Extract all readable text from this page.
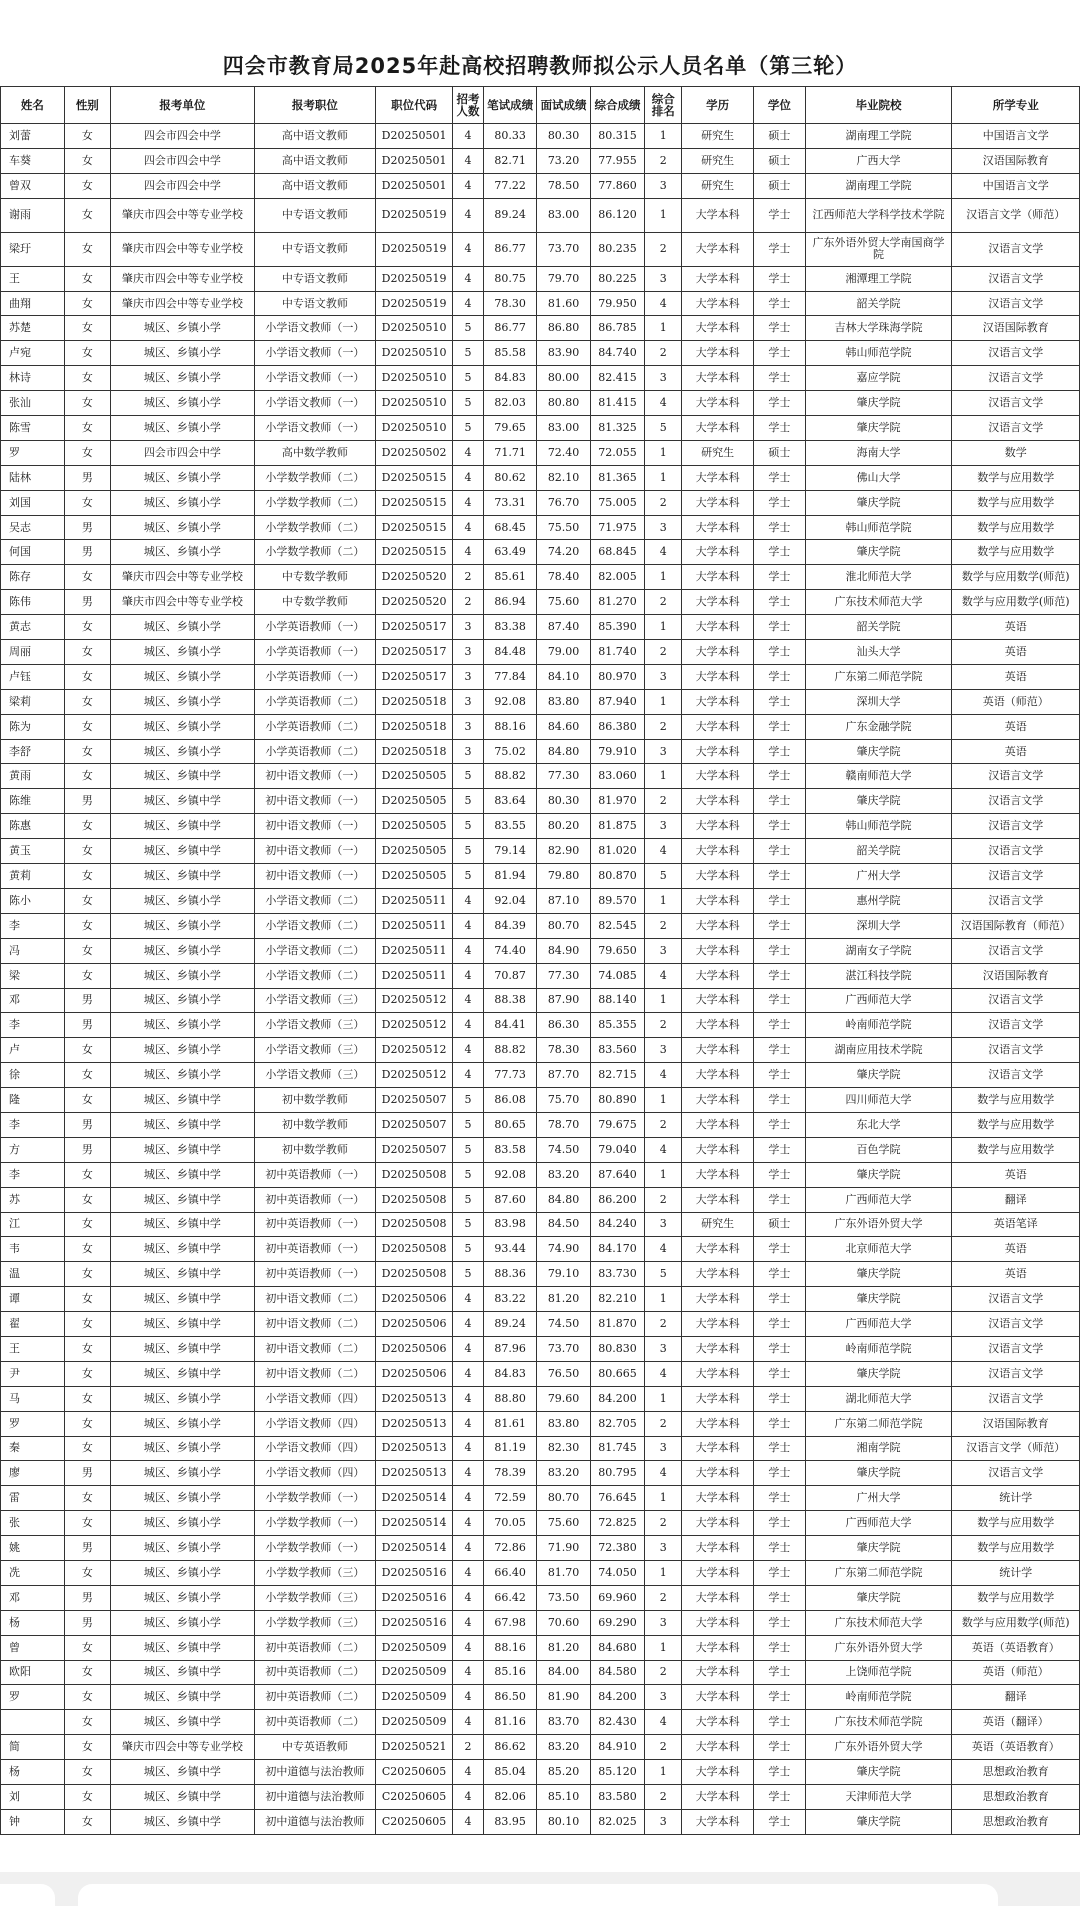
四会市教育局2025年赴高校招聘教师拟公示人员名单（第三轮）
姓名	性别	报考单位	报考职位	职位代码	招考人数	笔试成绩	面试成绩	综合成绩	综合排名	学历	学位	毕业院校	所学专业
刘蕾	女	四会市四会中学	高中语文教师	D20250501	4	80.33	80.30	80.315	1	研究生	硕士	湖南理工学院	中国语言文学
车葵	女	四会市四会中学	高中语文教师	D20250501	4	82.71	73.20	77.955	2	研究生	硕士	广西大学	汉语国际教育
曾双	女	四会市四会中学	高中语文教师	D20250501	4	77.22	78.50	77.860	3	研究生	硕士	湖南理工学院	中国语言文学
谢雨	女	肇庆市四会中等专业学校	中专语文教师	D20250519	4	89.24	83.00	86.120	1	大学本科	学士	江西师范大学科学技术学院	汉语言文学（师范）
梁玗	女	肇庆市四会中等专业学校	中专语文教师	D20250519	4	86.77	73.70	80.235	2	大学本科	学士	广东外语外贸大学南国商学院	汉语言文学
王	女	肇庆市四会中等专业学校	中专语文教师	D20250519	4	80.75	79.70	80.225	3	大学本科	学士	湘潭理工学院	汉语言文学
曲翔	女	肇庆市四会中等专业学校	中专语文教师	D20250519	4	78.30	81.60	79.950	4	大学本科	学士	韶关学院	汉语言文学
苏楚	女	城区、乡镇小学	小学语文教师（一）	D20250510	5	86.77	86.80	86.785	1	大学本科	学士	吉林大学珠海学院	汉语国际教育
卢宛	女	城区、乡镇小学	小学语文教师（一）	D20250510	5	85.58	83.90	84.740	2	大学本科	学士	韩山师范学院	汉语言文学
林诗	女	城区、乡镇小学	小学语文教师（一）	D20250510	5	84.83	80.00	82.415	3	大学本科	学士	嘉应学院	汉语言文学
张汕	女	城区、乡镇小学	小学语文教师（一）	D20250510	5	82.03	80.80	81.415	4	大学本科	学士	肇庆学院	汉语言文学
陈雪	女	城区、乡镇小学	小学语文教师（一）	D20250510	5	79.65	83.00	81.325	5	大学本科	学士	肇庆学院	汉语言文学
罗	女	四会市四会中学	高中数学教师	D20250502	4	71.71	72.40	72.055	1	研究生	硕士	海南大学	数学
陆林	男	城区、乡镇小学	小学数学教师（二）	D20250515	4	80.62	82.10	81.365	1	大学本科	学士	佛山大学	数学与应用数学
刘国	女	城区、乡镇小学	小学数学教师（二）	D20250515	4	73.31	76.70	75.005	2	大学本科	学士	肇庆学院	数学与应用数学
吴志	男	城区、乡镇小学	小学数学教师（二）	D20250515	4	68.45	75.50	71.975	3	大学本科	学士	韩山师范学院	数学与应用数学
何国	男	城区、乡镇小学	小学数学教师（二）	D20250515	4	63.49	74.20	68.845	4	大学本科	学士	肇庆学院	数学与应用数学
陈存	女	肇庆市四会中等专业学校	中专数学教师	D20250520	2	85.61	78.40	82.005	1	大学本科	学士	淮北师范大学	数学与应用数学(师范)
陈伟	男	肇庆市四会中等专业学校	中专数学教师	D20250520	2	86.94	75.60	81.270	2	大学本科	学士	广东技术师范大学	数学与应用数学(师范)
黄志	女	城区、乡镇小学	小学英语教师（一）	D20250517	3	83.38	87.40	85.390	1	大学本科	学士	韶关学院	英语
周丽	女	城区、乡镇小学	小学英语教师（一）	D20250517	3	84.48	79.00	81.740	2	大学本科	学士	汕头大学	英语
卢钰	女	城区、乡镇小学	小学英语教师（一）	D20250517	3	77.84	84.10	80.970	3	大学本科	学士	广东第二师范学院	英语
梁莉	女	城区、乡镇小学	小学英语教师（二）	D20250518	3	92.08	83.80	87.940	1	大学本科	学士	深圳大学	英语（师范）
陈为	女	城区、乡镇小学	小学英语教师（二）	D20250518	3	88.16	84.60	86.380	2	大学本科	学士	广东金融学院	英语
李舒	女	城区、乡镇小学	小学英语教师（二）	D20250518	3	75.02	84.80	79.910	3	大学本科	学士	肇庆学院	英语
黄雨	女	城区、乡镇中学	初中语文教师（一）	D20250505	5	88.82	77.30	83.060	1	大学本科	学士	赣南师范大学	汉语言文学
陈维	男	城区、乡镇中学	初中语文教师（一）	D20250505	5	83.64	80.30	81.970	2	大学本科	学士	肇庆学院	汉语言文学
陈惠	女	城区、乡镇中学	初中语文教师（一）	D20250505	5	83.55	80.20	81.875	3	大学本科	学士	韩山师范学院	汉语言文学
黄玉	女	城区、乡镇中学	初中语文教师（一）	D20250505	5	79.14	82.90	81.020	4	大学本科	学士	韶关学院	汉语言文学
黄莉	女	城区、乡镇中学	初中语文教师（一）	D20250505	5	81.94	79.80	80.870	5	大学本科	学士	广州大学	汉语言文学
陈小	女	城区、乡镇小学	小学语文教师（二）	D20250511	4	92.04	87.10	89.570	1	大学本科	学士	惠州学院	汉语言文学
李	女	城区、乡镇小学	小学语文教师（二）	D20250511	4	84.39	80.70	82.545	2	大学本科	学士	深圳大学	汉语国际教育（师范）
冯	女	城区、乡镇小学	小学语文教师（二）	D20250511	4	74.40	84.90	79.650	3	大学本科	学士	湖南女子学院	汉语言文学
梁	女	城区、乡镇小学	小学语文教师（二）	D20250511	4	70.87	77.30	74.085	4	大学本科	学士	湛江科技学院	汉语国际教育
邓	男	城区、乡镇小学	小学语文教师（三）	D20250512	4	88.38	87.90	88.140	1	大学本科	学士	广西师范大学	汉语言文学
李	男	城区、乡镇小学	小学语文教师（三）	D20250512	4	84.41	86.30	85.355	2	大学本科	学士	岭南师范学院	汉语言文学
卢	女	城区、乡镇小学	小学语文教师（三）	D20250512	4	88.82	78.30	83.560	3	大学本科	学士	湖南应用技术学院	汉语言文学
徐	女	城区、乡镇小学	小学语文教师（三）	D20250512	4	77.73	87.70	82.715	4	大学本科	学士	肇庆学院	汉语言文学
隆	女	城区、乡镇中学	初中数学教师	D20250507	5	86.08	75.70	80.890	1	大学本科	学士	四川师范大学	数学与应用数学
李	男	城区、乡镇中学	初中数学教师	D20250507	5	80.65	78.70	79.675	2	大学本科	学士	东北大学	数学与应用数学
方	男	城区、乡镇中学	初中数学教师	D20250507	5	83.58	74.50	79.040	4	大学本科	学士	百色学院	数学与应用数学
李	女	城区、乡镇中学	初中英语教师（一）	D20250508	5	92.08	83.20	87.640	1	大学本科	学士	肇庆学院	英语
苏	女	城区、乡镇中学	初中英语教师（一）	D20250508	5	87.60	84.80	86.200	2	大学本科	学士	广西师范大学	翻译
江	女	城区、乡镇中学	初中英语教师（一）	D20250508	5	83.98	84.50	84.240	3	研究生	硕士	广东外语外贸大学	英语笔译
韦	女	城区、乡镇中学	初中英语教师（一）	D20250508	5	93.44	74.90	84.170	4	大学本科	学士	北京师范大学	英语
温	女	城区、乡镇中学	初中英语教师（一）	D20250508	5	88.36	79.10	83.730	5	大学本科	学士	肇庆学院	英语
谭	女	城区、乡镇中学	初中语文教师（二）	D20250506	4	83.22	81.20	82.210	1	大学本科	学士	肇庆学院	汉语言文学
翟	女	城区、乡镇中学	初中语文教师（二）	D20250506	4	89.24	74.50	81.870	2	大学本科	学士	广西师范大学	汉语言文学
王	女	城区、乡镇中学	初中语文教师（二）	D20250506	4	87.96	73.70	80.830	3	大学本科	学士	岭南师范学院	汉语言文学
尹	女	城区、乡镇中学	初中语文教师（二）	D20250506	4	84.83	76.50	80.665	4	大学本科	学士	肇庆学院	汉语言文学
马	女	城区、乡镇小学	小学语文教师（四）	D20250513	4	88.80	79.60	84.200	1	大学本科	学士	湖北师范大学	汉语言文学
罗	女	城区、乡镇小学	小学语文教师（四）	D20250513	4	81.61	83.80	82.705	2	大学本科	学士	广东第二师范学院	汉语国际教育
秦	女	城区、乡镇小学	小学语文教师（四）	D20250513	4	81.19	82.30	81.745	3	大学本科	学士	湘南学院	汉语言文学（师范）
廖	男	城区、乡镇小学	小学语文教师（四）	D20250513	4	78.39	83.20	80.795	4	大学本科	学士	肇庆学院	汉语言文学
雷	女	城区、乡镇小学	小学数学教师（一）	D20250514	4	72.59	80.70	76.645	1	大学本科	学士	广州大学	统计学
张	女	城区、乡镇小学	小学数学教师（一）	D20250514	4	70.05	75.60	72.825	2	大学本科	学士	广西师范大学	数学与应用数学
姚	男	城区、乡镇小学	小学数学教师（一）	D20250514	4	72.86	71.90	72.380	3	大学本科	学士	肇庆学院	数学与应用数学
冼	女	城区、乡镇小学	小学数学教师（三）	D20250516	4	66.40	81.70	74.050	1	大学本科	学士	广东第二师范学院	统计学
邓	男	城区、乡镇小学	小学数学教师（三）	D20250516	4	66.42	73.50	69.960	2	大学本科	学士	肇庆学院	数学与应用数学
杨	男	城区、乡镇小学	小学数学教师（三）	D20250516	4	67.98	70.60	69.290	3	大学本科	学士	广东技术师范大学	数学与应用数学(师范)
曾	女	城区、乡镇中学	初中英语教师（二）	D20250509	4	88.16	81.20	84.680	1	大学本科	学士	广东外语外贸大学	英语（英语教育）
欧阳	女	城区、乡镇中学	初中英语教师（二）	D20250509	4	85.16	84.00	84.580	2	大学本科	学士	上饶师范学院	英语（师范）
罗	女	城区、乡镇中学	初中英语教师（二）	D20250509	4	86.50	81.90	84.200	3	大学本科	学士	岭南师范学院	翻译
	女	城区、乡镇中学	初中英语教师（二）	D20250509	4	81.16	83.70	82.430	4	大学本科	学士	广东技术师范学院	英语（翻译）
简	女	肇庆市四会中等专业学校	中专英语教师	D20250521	2	86.62	83.20	84.910	2	大学本科	学士	广东外语外贸大学	英语（英语教育）
杨	女	城区、乡镇中学	初中道德与法治教师	C20250605	4	85.04	85.20	85.120	1	大学本科	学士	肇庆学院	思想政治教育
刘	女	城区、乡镇中学	初中道德与法治教师	C20250605	4	82.06	85.10	83.580	2	大学本科	学士	天津师范大学	思想政治教育
钟	女	城区、乡镇中学	初中道德与法治教师	C20250605	4	83.95	80.10	82.025	3	大学本科	学士	肇庆学院	思想政治教育
